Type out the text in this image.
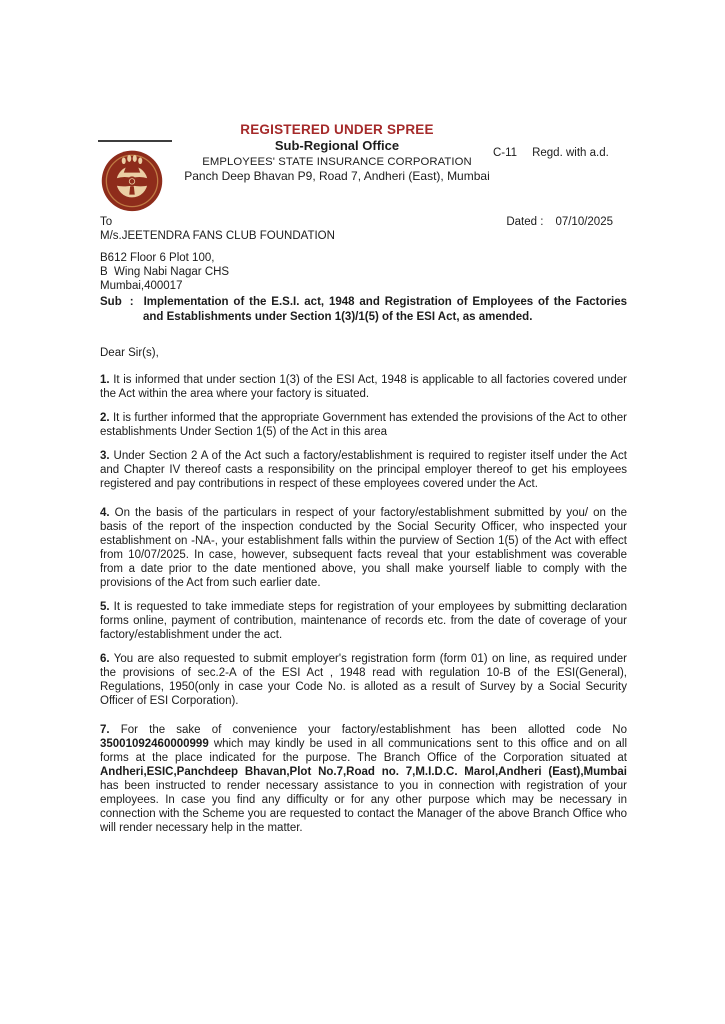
REGISTERED UNDER SPREE
Sub-Regional Office
EMPLOYEES' STATE INSURANCE CORPORATION
Panch Deep Bhavan P9, Road 7, Andheri (East), Mumbai
C-11 Regd. with a.d.
To	Dated : 07/10/2025
M/s.JEETENDRA FANS CLUB FOUNDATION
B612 Floor 6 Plot 100,
B  Wing Nabi Nagar CHS
Mumbai,400017

Sub : Implementation of the E.S.I. act, 1948 and Registration of Employees of the Factories and Establishments under Section 1(3)/1(5) of the ESI Act, as amended.

Dear Sir(s),

1. It is informed that under section 1(3) of the ESI Act, 1948 is applicable to all factories covered under the Act within the area where your factory is situated.

2. It is further informed that the appropriate Government has extended the provisions of the Act to other establishments Under Section 1(5) of the Act in this area

3. Under Section 2 A of the Act such a factory/establishment is required to register itself under the Act and Chapter IV thereof casts a responsibility on the principal employer thereof to get his employees registered and pay contributions in respect of these employees covered under the Act.

4. On the basis of the particulars in respect of your factory/establishment submitted by you/ on the basis of the report of the inspection conducted by the Social Security Officer, who inspected your establishment on -NA-, your establishment falls within the purview of Section 1(5) of the Act with effect from 10/07/2025. In case, however, subsequent facts reveal that your establishment was coverable from a date prior to the date mentioned above, you shall make yourself liable to comply with the provisions of the Act from such earlier date.

5. It is requested to take immediate steps for registration of your employees by submitting declaration forms online, payment of contribution, maintenance of records etc. from the date of coverage of your factory/establishment under the act.

6. You are also requested to submit employer's registration form (form 01) on line, as required under the provisions of sec.2-A of the ESI Act , 1948 read with regulation 10-B of the ESI(General), Regulations, 1950(only in case your Code No. is alloted as a result of Survey by a Social Security Officer of ESI Corporation).

7. For the sake of convenience your factory/establishment has been allotted code No 35001092460000999 which may kindly be used in all communications sent to this office and on all forms at the place indicated for the purpose. The Branch Office of the Corporation situated at Andheri,ESIC,Panchdeep Bhavan,Plot No.7,Road no. 7,M.I.D.C. Marol,Andheri (East),Mumbai has been instructed to render necessary assistance to you in connection with registration of your employees. In case you find any difficulty or for any other purpose which may be necessary in connection with the Scheme you are requested to contact the Manager of the above Branch Office who will render necessary help in the matter.
